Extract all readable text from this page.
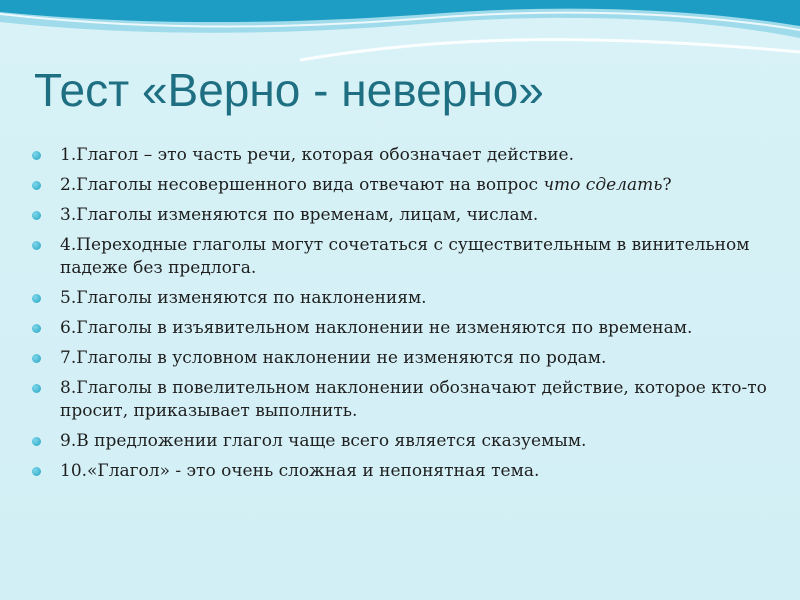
Тест «Верно - неверно»
1.Глагол – это часть речи, которая обозначает действие.
2.Глаголы несовершенного вида отвечают на вопрос что сделать?
3.Глаголы изменяются по временам, лицам, числам.
4.Переходные глаголы могут сочетаться с существительным в винительном падеже без предлога.
5.Глаголы изменяются по наклонениям.
6.Глаголы в изъявительном наклонении не изменяются по временам.
7.Глаголы в условном наклонении не изменяются по родам.
8.Глаголы в повелительном наклонении обозначают действие, которое кто-то просит, приказывает выполнить.
9.В предложении глагол чаще всего является сказуемым.
10.«Глагол» - это очень сложная и непонятная тема.
